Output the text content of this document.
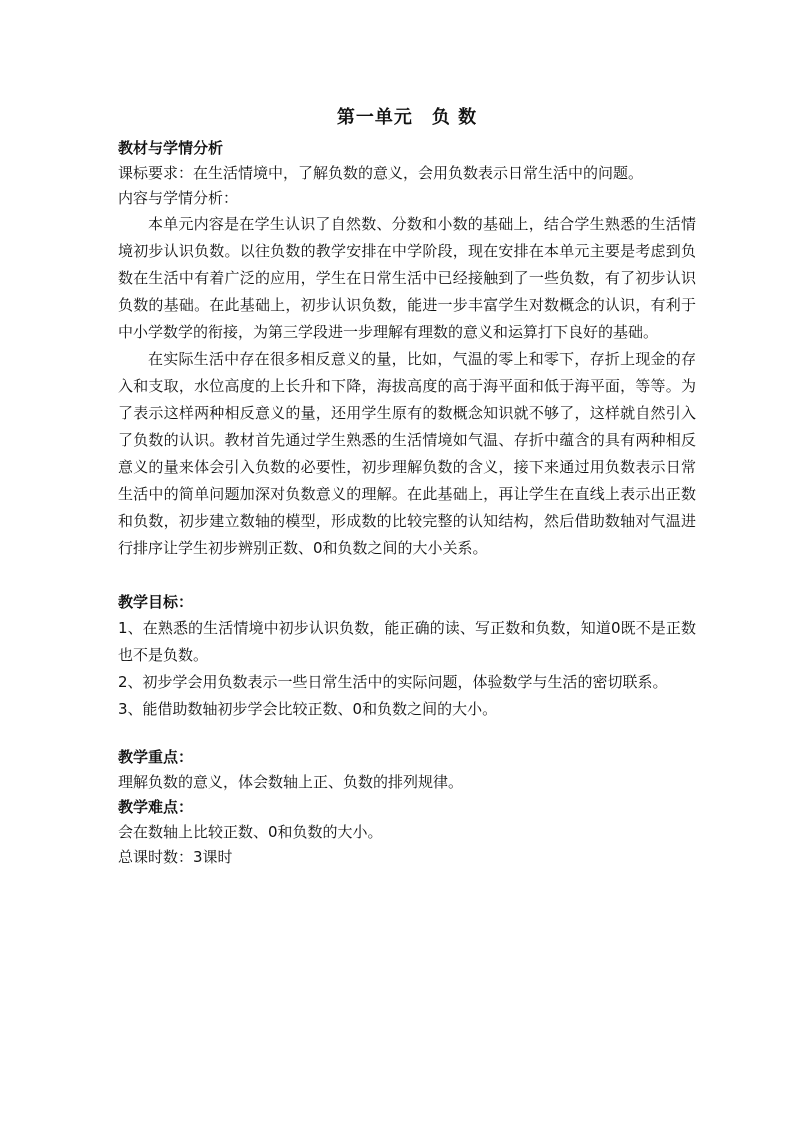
第一单元　负 数

教材与学情分析

课标要求：在生活情境中，了解负数的意义，会用负数表示日常生活中的问题。

内容与学情分析：

本单元内容是在学生认识了自然数、分数和小数的基础上，结合学生熟悉的生活情境初步认识负数。以往负数的教学安排在中学阶段，现在安排在本单元主要是考虑到负数在生活中有着广泛的应用，学生在日常生活中已经接触到了一些负数，有了初步认识负数的基础。在此基础上，初步认识负数，能进一步丰富学生对数概念的认识，有利于中小学数学的衔接，为第三学段进一步理解有理数的意义和运算打下良好的基础。

在实际生活中存在很多相反意义的量，比如，气温的零上和零下，存折上现金的存入和支取，水位高度的上长升和下降，海拔高度的高于海平面和低于海平面，等等。为了表示这样两种相反意义的量，还用学生原有的数概念知识就不够了，这样就自然引入了负数的认识。教材首先通过学生熟悉的生活情境如气温、存折中蕴含的具有两种相反意义的量来体会引入负数的必要性，初步理解负数的含义，接下来通过用负数表示日常生活中的简单问题加深对负数意义的理解。在此基础上，再让学生在直线上表示出正数和负数，初步建立数轴的模型，形成数的比较完整的认知结构，然后借助数轴对气温进行排序让学生初步辨别正数、0和负数之间的大小关系。

教学目标：

1、在熟悉的生活情境中初步认识负数，能正确的读、写正数和负数，知道0既不是正数也不是负数。

2、初步学会用负数表示一些日常生活中的实际问题，体验数学与生活的密切联系。

3、能借助数轴初步学会比较正数、0和负数之间的大小。

教学重点：

理解负数的意义，体会数轴上正、负数的排列规律。

教学难点：

会在数轴上比较正数、0和负数的大小。

总课时数：3课时
